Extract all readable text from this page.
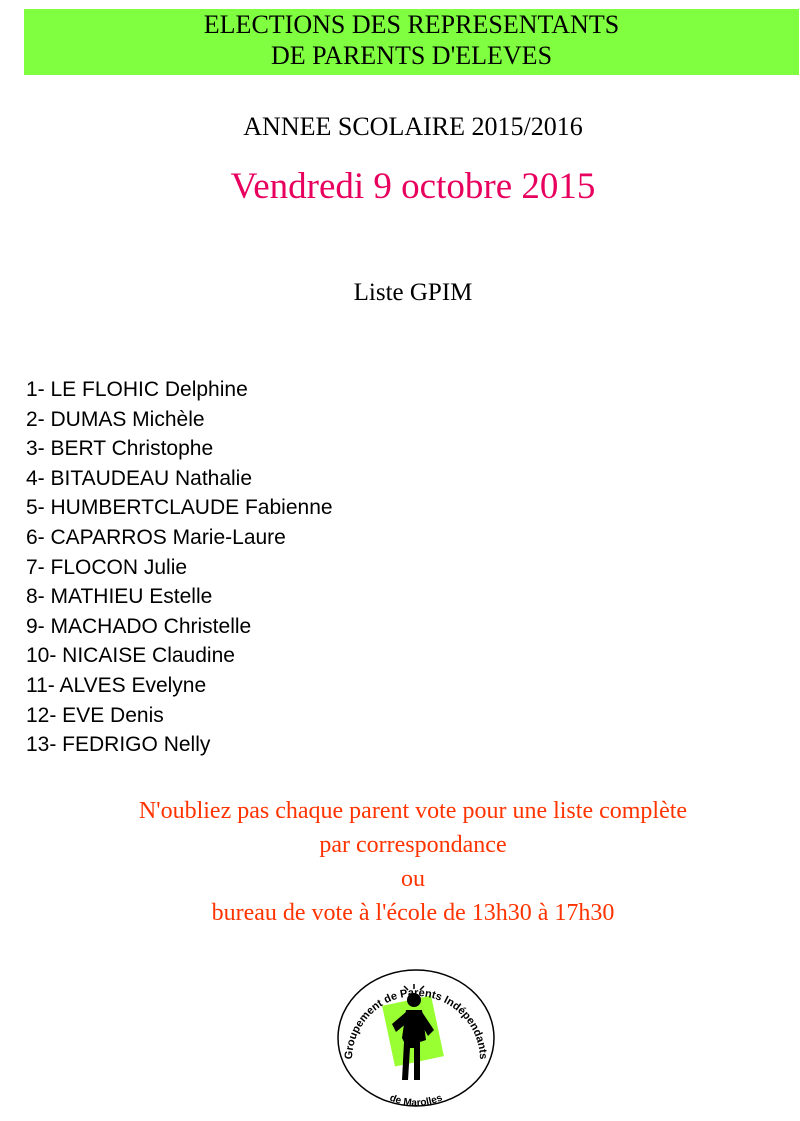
ELECTIONS DES REPRESENTANTS
DE PARENTS D'ELEVES
ANNEE SCOLAIRE 2015/2016
Vendredi 9 octobre 2015
Liste GPIM
1- LE FLOHIC Delphine
2- DUMAS Michèle
3- BERT Christophe
4- BITAUDEAU Nathalie
5- HUMBERTCLAUDE Fabienne
6- CAPARROS Marie-Laure
7- FLOCON Julie
8- MATHIEU Estelle
9- MACHADO Christelle
10- NICAISE Claudine
11- ALVES Evelyne
12- EVE Denis
13- FEDRIGO Nelly
N'oubliez pas chaque parent vote pour une liste complète
par correspondance
ou
bureau de vote à l'école de 13h30 à 17h30
Groupement de Parents Indépendants
de Marolles
